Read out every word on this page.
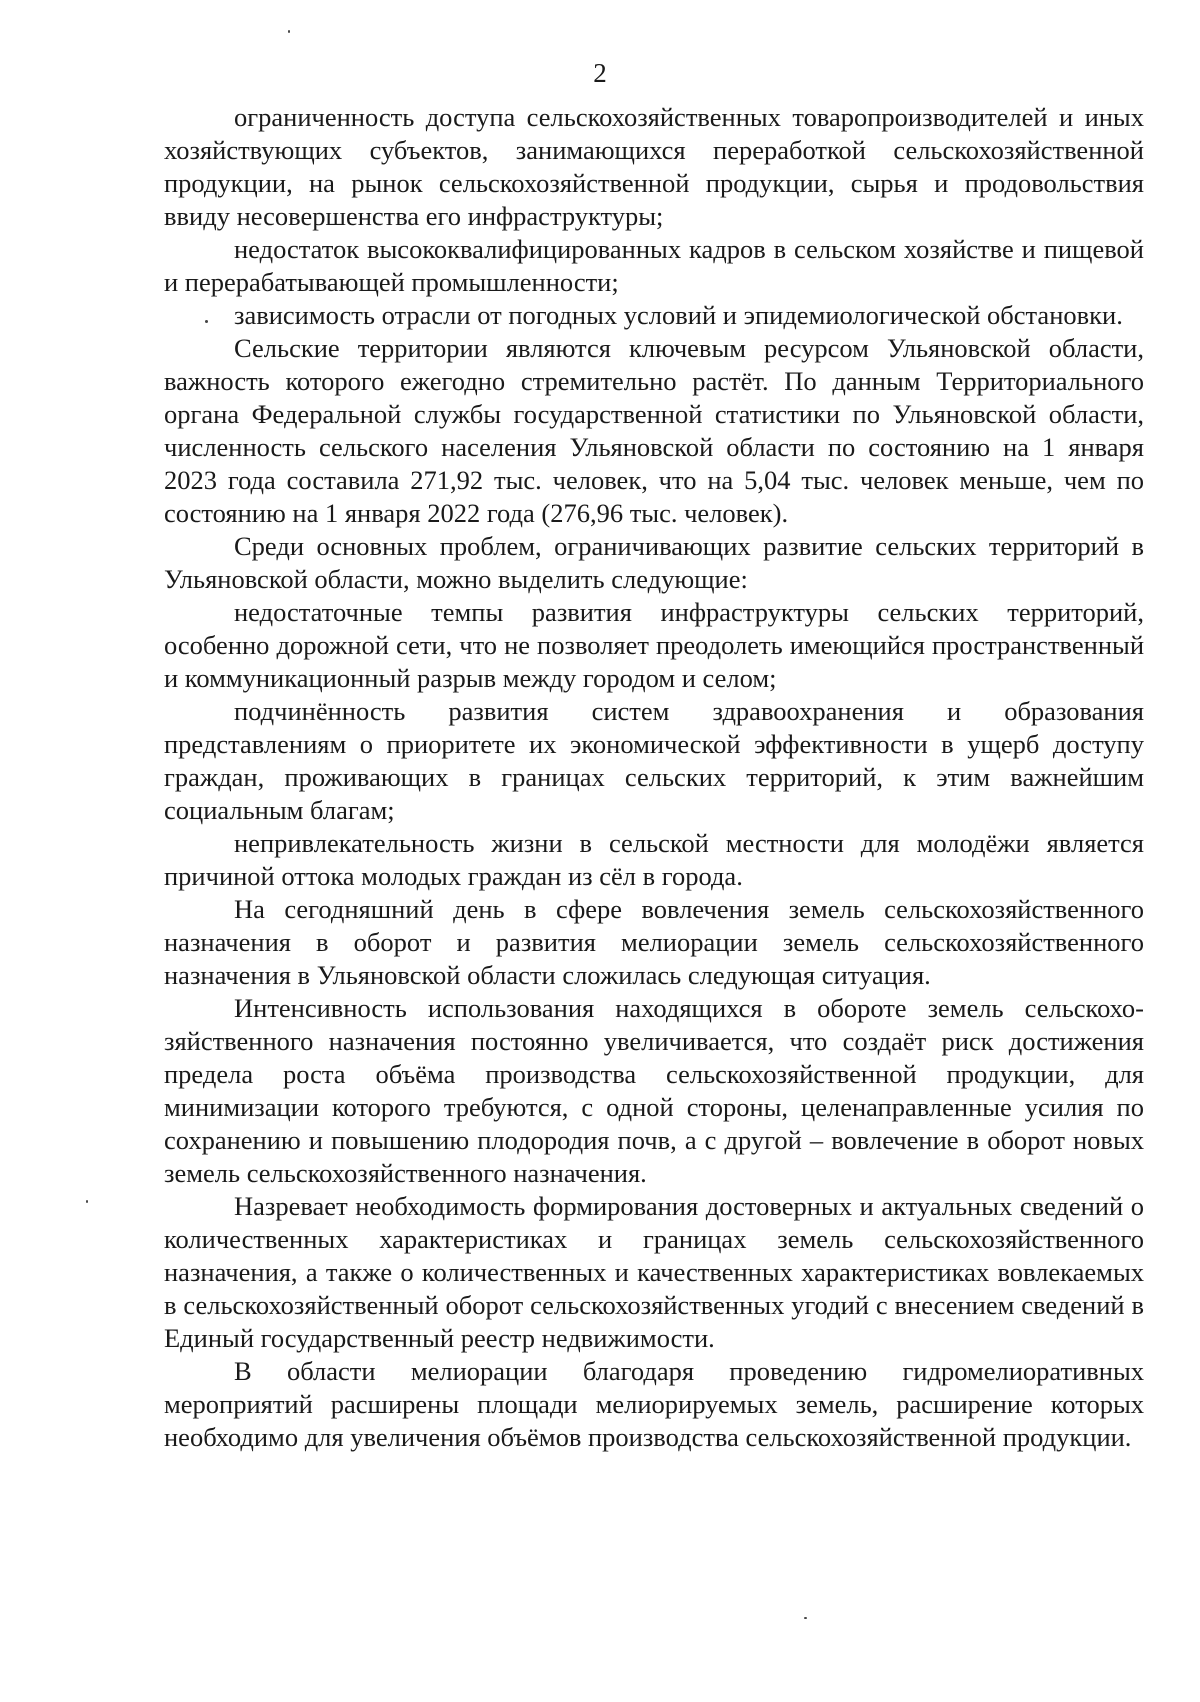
2

ограниченность доступа сельскохозяйственных товаропроизводителей и иных хозяйствующих субъектов, занимающихся переработкой сельскохозяйственной продукции, на рынок сельскохозяйственной продукции, сырья и продовольствия ввиду несовершенства его инфраструктуры;

недостаток высококвалифицированных кадров в сельском хозяйстве и пищевой и перерабатывающей промышленности;

зависимость отрасли от погодных условий и эпидемиологической обстановки.

Сельские территории являются ключевым ресурсом Ульяновской области, важность которого ежегодно стремительно растёт. По данным Территориального органа Федеральной службы государственной статистики по Ульяновской области, численность сельского населения Ульяновской области по состоянию на 1 января 2023 года составила 271,92 тыс. человек, что на 5,04 тыс. человек меньше, чем по состоянию на 1 января 2022 года (276,96 тыс. человек).

Среди основных проблем, ограничивающих развитие сельских территорий в Ульяновской области, можно выделить следующие:

недостаточные темпы развития инфраструктуры сельских территорий, особенно дорожной сети, что не позволяет преодолеть имеющийся пространственный и коммуникационный разрыв между городом и селом;

подчинённость развития систем здравоохранения и образования представлениям о приоритете их экономической эффективности в ущерб доступу граждан, проживающих в границах сельских территорий, к этим важнейшим социальным благам;

непривлекательность жизни в сельской местности для молодёжи является причиной оттока молодых граждан из сёл в города.

На сегодняшний день в сфере вовлечения земель сельскохозяйственного назначения в оборот и развития мелиорации земель сельскохозяйственного назначения в Ульяновской области сложилась следующая ситуация.

Интенсивность использования находящихся в обороте земель сельскохозяйственного назначения постоянно увеличивается, что создаёт риск достижения предела роста объёма производства сельскохозяйственной продукции, для минимизации которого требуются, с одной стороны, целенаправленные усилия по сохранению и повышению плодородия почв, а с другой – вовлечение в оборот новых земель сельскохозяйственного назначения.

Назревает необходимость формирования достоверных и актуальных сведений о количественных характеристиках и границах земель сельскохозяйственного назначения, а также о количественных и качественных характеристиках вовлекаемых в сельскохозяйственный оборот сельскохозяйственных угодий с внесением сведений в Единый государственный реестр недвижимости.

В области мелиорации благодаря проведению гидромелиоративных мероприятий расширены площади мелиорируемых земель, расширение которых необходимо для увеличения объёмов производства сельскохозяйственной продукции.
